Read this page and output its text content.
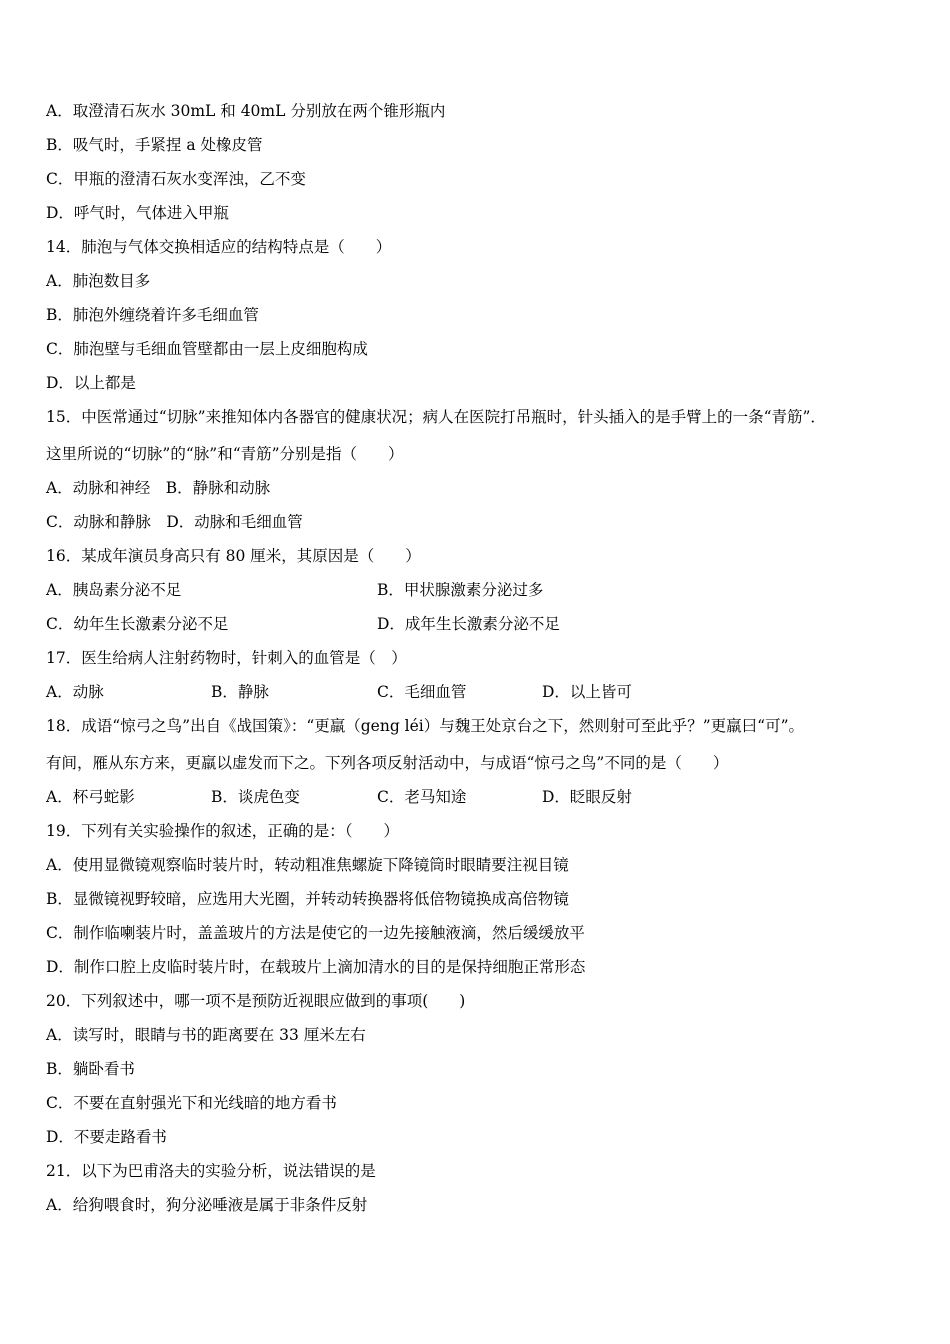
A．取澄清石灰水 30mL 和 40mL 分别放在两个锥形瓶内
B．吸气时，手紧捏 a 处橡皮管
C．甲瓶的澄清石灰水变浑浊，乙不变
D．呼气时，气体进入甲瓶
14．肺泡与气体交换相适应的结构特点是（　　）
A．肺泡数目多
B．肺泡外缠绕着许多毛细血管
C．肺泡壁与毛细血管壁都由一层上皮细胞构成
D．以上都是
15．中医常通过“切脉”来推知体内各器官的健康状况；病人在医院打吊瓶时，针头插入的是手臂上的一条“青筋”．
这里所说的“切脉”的“脉”和“青筋”分别是指（　　）
A．动脉和神经　B．静脉和动脉
C．动脉和静脉　D．动脉和毛细血管
16．某成年演员身高只有 80 厘米，其原因是（　　）
A．胰岛素分泌不足	B．甲状腺激素分泌过多
C．幼年生长激素分泌不足	D．成年生长激素分泌不足
17．医生给病人注射药物时，针刺入的血管是（　）
A．动脉	B．静脉	C．毛细血管	D．以上皆可
18．成语“惊弓之鸟”出自《战国策》：“更羸（geng léi）与魏王处京台之下，然则射可至此乎？”更羸曰“可”。
有间，雁从东方来，更羸以虚发而下之。下列各项反射活动中，与成语“惊弓之鸟”不同的是（　　）
A．杯弓蛇影	B．谈虎色变	C．老马知途	D．眨眼反射
19．下列有关实验操作的叙述，正确的是：（　　）
A．使用显微镜观察临时装片时，转动粗准焦螺旋下降镜筒时眼睛要注视目镜
B．显微镜视野较暗，应选用大光圈，并转动转换器将低倍物镜换成高倍物镜
C．制作临喇装片时，盖盖玻片的方法是使它的一边先接触液滴，然后缓缓放平
D．制作口腔上皮临时装片时，在载玻片上滴加清水的目的是保持细胞正常形态
20．下列叙述中，哪一项不是预防近视眼应做到的事项(　　)
A．读写时，眼睛与书的距离要在 33 厘米左右
B．躺卧看书
C．不要在直射强光下和光线暗的地方看书
D．不要走路看书
21．以下为巴甫洛夫的实验分析，说法错误的是
A．给狗喂食时，狗分泌唾液是属于非条件反射
